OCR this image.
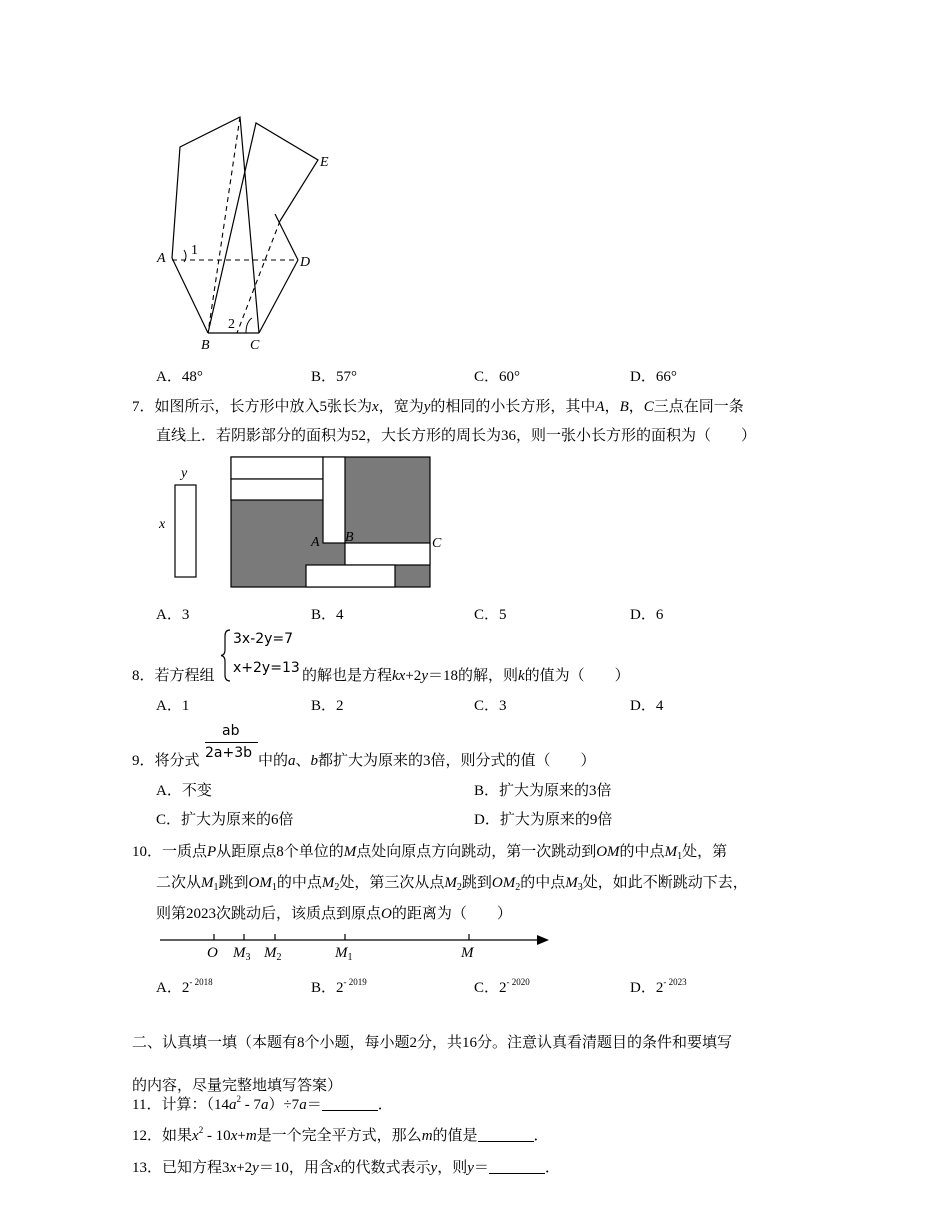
A
1
D
E
2
B	C
A．48°	B．57°	C．60°	D．66°
7．如图所示，长方形中放入5张长为x，宽为y的相同的小长方形，其中A，B，C三点在同一条
直线上．若阴影部分的面积为52，大长方形的周长为36，则一张小长方形的面积为（　　）
y
x
A B	C
A．3	B．4	C．5	D．6
8．若方程组
3x-2y=7
x+2y=13 的解也是方程kx+2y＝18的解，则k的值为（　　）
A．1	B．2	C．3	D．4
9．将分式
ab
2a+3b 中的a、b都扩大为原来的3倍，则分式的值（　　）
A．不变	B．扩大为原来的3倍
C．扩大为原来的6倍	D．扩大为原来的9倍
10．一质点P从距原点8个单位的M点处向原点方向跳动，第一次跳动到OM的中点$M_1$处，第
二次从$M_1$跳到$OM_1$的中点$M_2$处，第三次从点$M_2$跳到$OM_2$的中点$M_3$处，如此不断跳动下去，
则第2023次跳动后，该质点到原点O的距离为（　　）
O $M_3$ $M_2$	$M_1$	M
A．$2^{- 2018}$	B．$2^{- 2019}$	C．$2^{- 2020}$	D．$2^{- 2023}$
二、认真填一填（本题有8个小题，每小题2分，共16分。注意认真看清题目的条件和要填写
的内容，尽量完整地填写答案）
11．计算：$(14a^2 - 7a)\div 7a=$	．
12．如果$x^2 - 10x+m$是一个完全平方式，那么m的值是	．
13．已知方程3x+2y＝10，用含x的代数式表示y，则y＝	．
